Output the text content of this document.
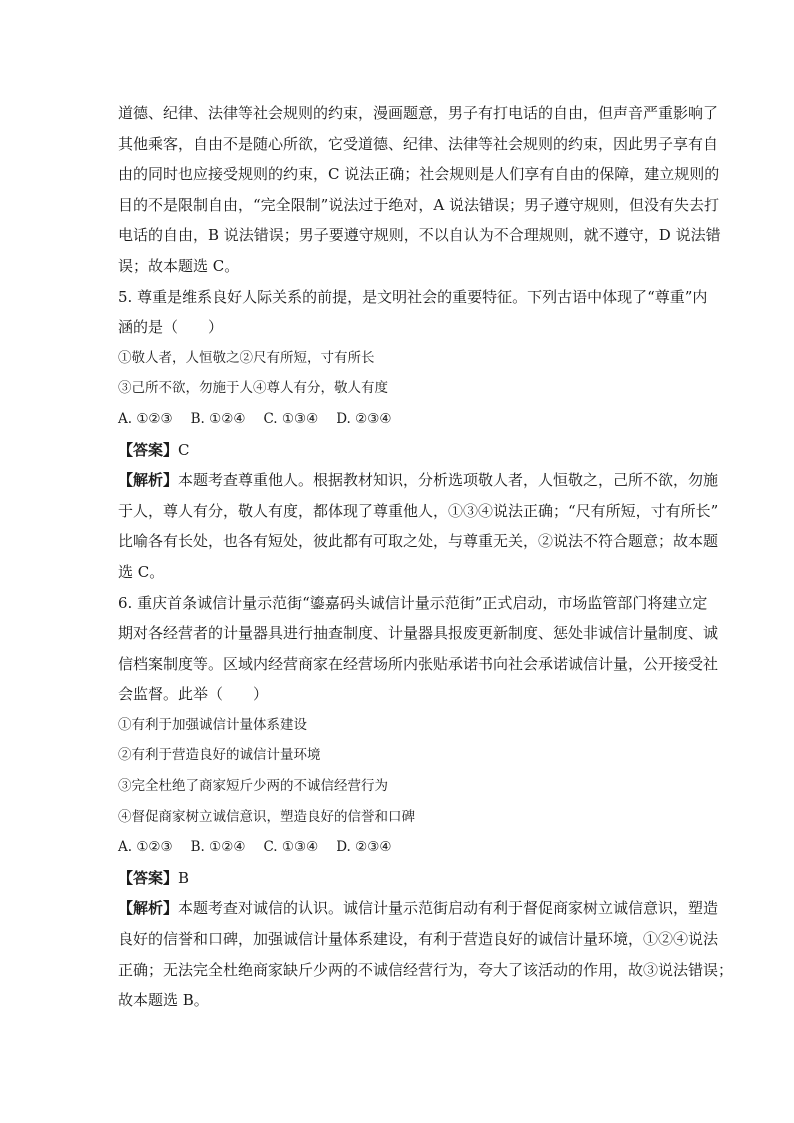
道德、纪律、法律等社会规则的约束，漫画题意，男子有打电话的自由，但声音严重影响了
其他乘客，自由不是随心所欲，它受道德、纪律、法律等社会规则的约束，因此男子享有自
由的同时也应接受规则的约束，C 说法正确；社会规则是人们享有自由的保障，建立规则的
目的不是限制自由，“完全限制”说法过于绝对，A 说法错误；男子遵守规则，但没有失去打
电话的自由，B 说法错误；男子要遵守规则，不以自认为不合理规则，就不遵守，D 说法错
误；故本题选 C。
5. 尊重是维系良好人际关系的前提，是文明社会的重要特征。下列古语中体现了“尊重”内
涵的是（　　）
①敬人者，人恒敬之②尺有所短，寸有所长
③己所不欲，勿施于人④尊人有分，敬人有度
A. ①②③ B. ①②④ C. ①③④ D. ②③④
【答案】C
【解析】本题考查尊重他人。根据教材知识，分析选项敬人者，人恒敬之，己所不欲，勿施
于人，尊人有分，敬人有度，都体现了尊重他人，①③④说法正确；“尺有所短，寸有所长”
比喻各有长处，也各有短处，彼此都有可取之处，与尊重无关，②说法不符合题意；故本题
选 C。
6. 重庆首条诚信计量示范街“鎏嘉码头诚信计量示范街”正式启动，市场监管部门将建立定
期对各经营者的计量器具进行抽查制度、计量器具报废更新制度、惩处非诚信计量制度、诚
信档案制度等。区域内经营商家在经营场所内张贴承诺书向社会承诺诚信计量，公开接受社
会监督。此举（　　）
①有利于加强诚信计量体系建设
②有利于营造良好的诚信计量环境
③完全杜绝了商家短斤少两的不诚信经营行为
④督促商家树立诚信意识，塑造良好的信誉和口碑
A. ①②③ B. ①②④ C. ①③④ D. ②③④
【答案】B
【解析】本题考查对诚信的认识。诚信计量示范街启动有利于督促商家树立诚信意识，塑造
良好的信誉和口碑，加强诚信计量体系建设，有利于营造良好的诚信计量环境，①②④说法
正确；无法完全杜绝商家缺斤少两的不诚信经营行为，夸大了该活动的作用，故③说法错误；
故本题选 B。
